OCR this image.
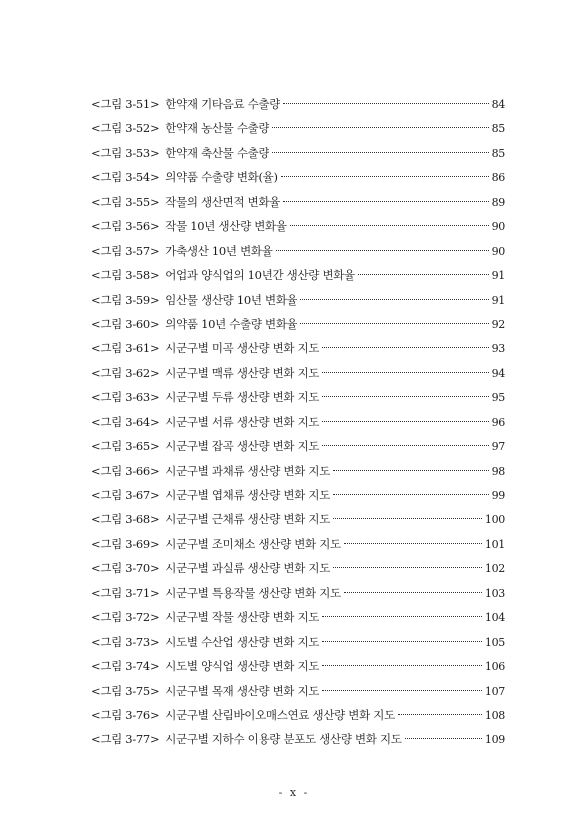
<그림 3-51> 한약재 기타음료 수출량	84
<그림 3-52> 한약재 농산물 수출량	85
<그림 3-53> 한약재 축산물 수출량	85
<그림 3-54> 의약품 수출량 변화(율)	86
<그림 3-55> 작물의 생산면적 변화율	89
<그림 3-56> 작물 10년 생산량 변화율	90
<그림 3-57> 가축생산 10년 변화율	90
<그림 3-58> 어업과 양식업의 10년간 생산량 변화율	91
<그림 3-59> 임산물 생산량 10년 변화율	91
<그림 3-60> 의약품 10년 수출량 변화율	92
<그림 3-61> 시군구별 미곡 생산량 변화 지도	93
<그림 3-62> 시군구별 맥류 생산량 변화 지도	94
<그림 3-63> 시군구별 두류 생산량 변화 지도	95
<그림 3-64> 시군구별 서류 생산량 변화 지도	96
<그림 3-65> 시군구별 잡곡 생산량 변화 지도	97
<그림 3-66> 시군구별 과채류 생산량 변화 지도	98
<그림 3-67> 시군구별 엽채류 생산량 변화 지도	99
<그림 3-68> 시군구별 근채류 생산량 변화 지도	100
<그림 3-69> 시군구별 조미채소 생산량 변화 지도	101
<그림 3-70> 시군구별 과실류 생산량 변화 지도	102
<그림 3-71> 시군구별 특용작물 생산량 변화 지도	103
<그림 3-72> 시군구별 작물 생산량 변화 지도	104
<그림 3-73> 시도별 수산업 생산량 변화 지도	105
<그림 3-74> 시도별 양식업 생산량 변화 지도	106
<그림 3-75> 시군구별 목재 생산량 변화 지도	107
<그림 3-76> 시군구별 산림바이오매스연료 생산량 변화 지도	108
<그림 3-77> 시군구별 지하수 이용량 분포도 생산량 변화 지도	109
- x -
